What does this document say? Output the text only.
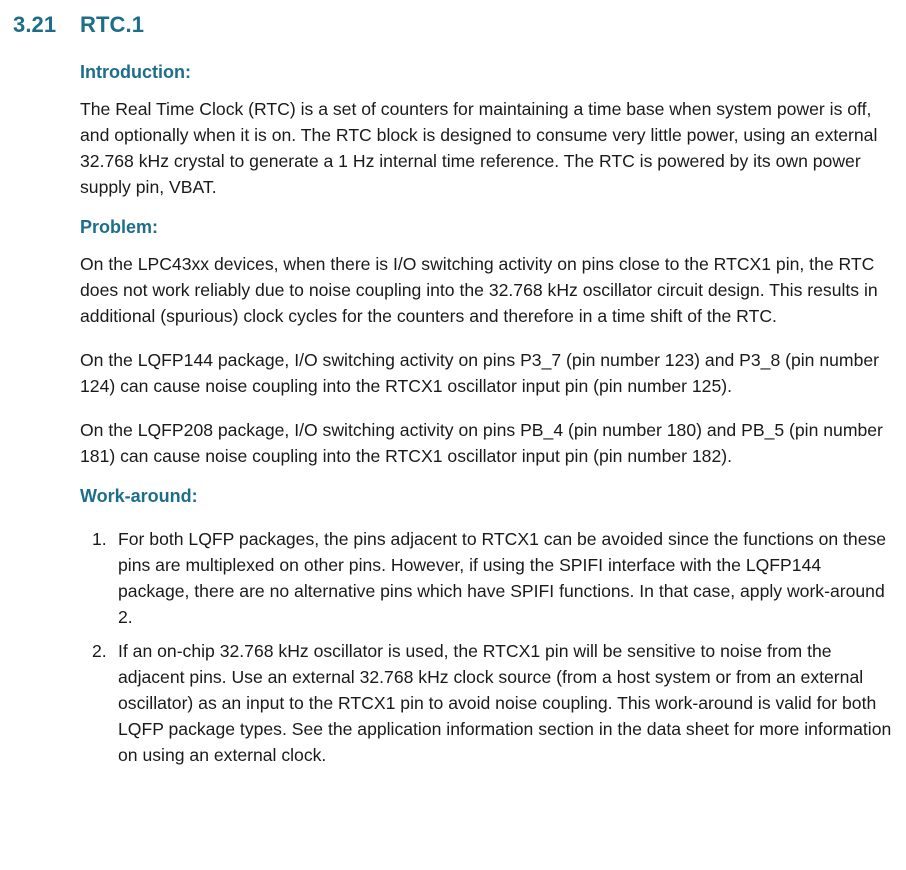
3.21 RTC.1
Introduction:

The Real Time Clock (RTC) is a set of counters for maintaining a time base when system power is off, and optionally when it is on. The RTC block is designed to consume very little power, using an external 32.768 kHz crystal to generate a 1 Hz internal time reference. The RTC is powered by its own power supply pin, VBAT.

Problem:

On the LPC43xx devices, when there is I/O switching activity on pins close to the RTCX1 pin, the RTC does not work reliably due to noise coupling into the 32.768 kHz oscillator circuit design. This results in additional (spurious) clock cycles for the counters and therefore in a time shift of the RTC.

On the LQFP144 package, I/O switching activity on pins P3_7 (pin number 123) and P3_8 (pin number 124) can cause noise coupling into the RTCX1 oscillator input pin (pin number 125).

On the LQFP208 package, I/O switching activity on pins PB_4 (pin number 180) and PB_5 (pin number 181) can cause noise coupling into the RTCX1 oscillator input pin (pin number 182).

Work-around:
1. For both LQFP packages, the pins adjacent to RTCX1 can be avoided since the functions on these pins are multiplexed on other pins. However, if using the SPIFI interface with the LQFP144 package, there are no alternative pins which have SPIFI functions. In that case, apply work-around 2.
2. If an on-chip 32.768 kHz oscillator is used, the RTCX1 pin will be sensitive to noise from the adjacent pins. Use an external 32.768 kHz clock source (from a host system or from an external oscillator) as an input to the RTCX1 pin to avoid noise coupling. This work-around is valid for both LQFP package types. See the application information section in the data sheet for more information on using an external clock.
